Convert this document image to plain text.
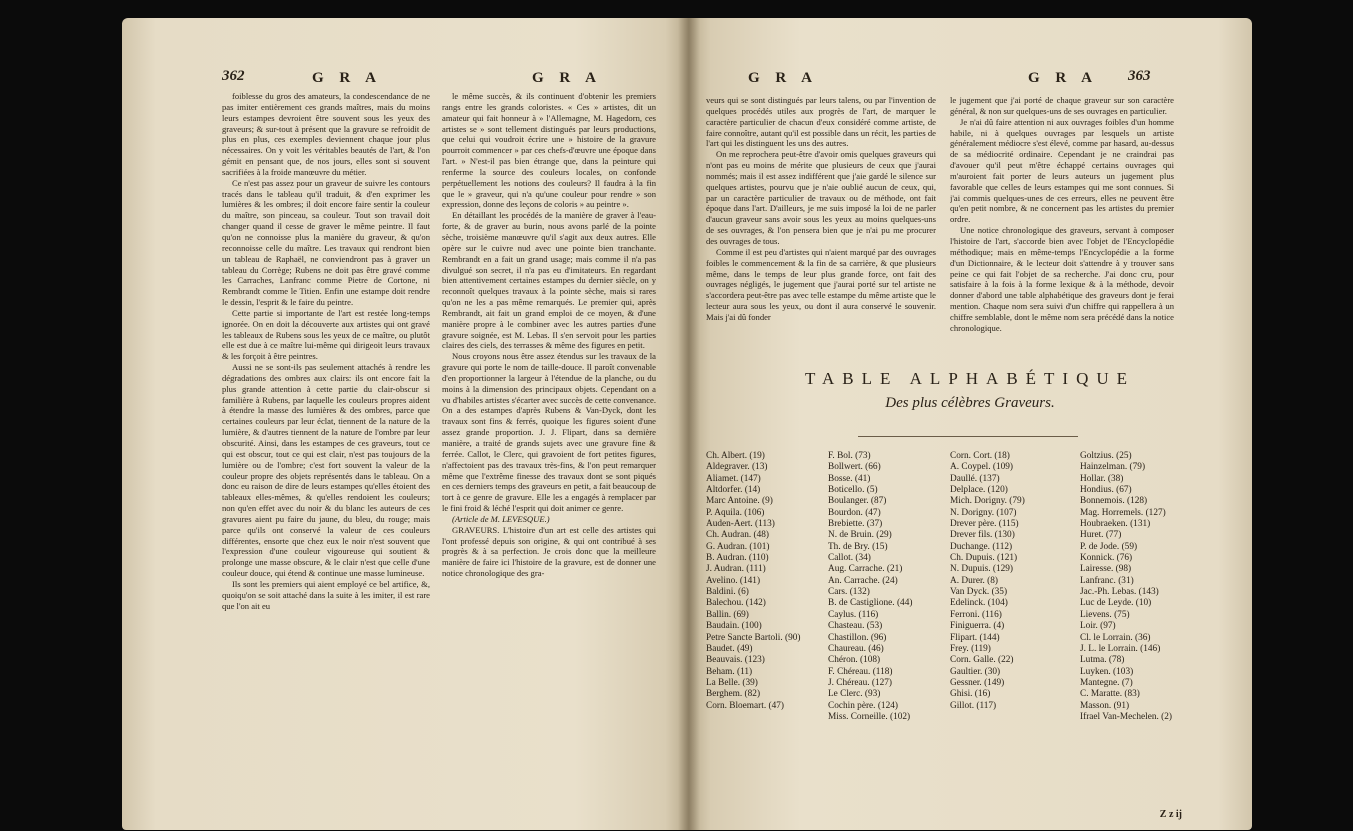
362	G R A	G R A

foiblesse du gros des amateurs, la condescendance de ne pas imiter entièrement ces grands maîtres, mais du moins leurs estampes devroient être souvent sous les yeux des graveurs; & sur-tout à présent que la gravure se refroidit de plus en plus, ces exemples deviennent chaque jour plus nécessaires. On y voit les véritables beautés de l'art, & l'on gémit en pensant que, de nos jours, elles sont si souvent sacrifiées à la froide manœuvre du métier.

Ce n'est pas assez pour un graveur de suivre les contours tracés dans le tableau qu'il traduit, & d'en exprimer les lumières & les ombres; il doit encore faire sentir la couleur du maître, son pinceau, sa couleur. Tout son travail doit changer quand il cesse de graver le même peintre. Il faut qu'on ne connoisse plus la manière du graveur, & qu'on reconnoisse celle du maître. Les travaux qui rendront bien un tableau de Raphaël, ne conviendront pas à graver un tableau du Corrège; Rubens ne doit pas être gravé comme les Carraches, Lanfranc comme Pietre de Cortone, ni Rembrandt comme le Titien. Enfin une estampe doit rendre le dessin, l'esprit & le faire du peintre.

Cette partie si importante de l'art est restée long-temps ignorée. On en doit la découverte aux artistes qui ont gravé les tableaux de Rubens sous les yeux de ce maître, ou plutôt elle est due à ce maître lui-même qui dirigeoit leurs travaux & les forçoit à être peintres.

Aussi ne se sont-ils pas seulement attachés à rendre les dégradations des ombres aux clairs: ils ont encore fait la plus grande attention à cette partie du clair-obscur si familière à Rubens, par laquelle les couleurs propres aident à étendre la masse des lumières & des ombres, parce que certaines couleurs par leur éclat, tiennent de la nature de la lumière, & d'autres tiennent de la nature de l'ombre par leur obscurité. Ainsi, dans les estampes de ces graveurs, tout ce qui est obscur, tout ce qui est clair, n'est pas toujours de la lumière ou de l'ombre; c'est fort souvent la valeur de la couleur propre des objets représentés dans le tableau. On a donc eu raison de dire de leurs estampes qu'elles étoient des tableaux elles-mêmes, & qu'elles rendoient les couleurs; non qu'en effet avec du noir & du blanc les auteurs de ces gravures aient pu faire du jaune, du bleu, du rouge; mais parce qu'ils ont conservé la valeur de ces couleurs différentes, ensorte que chez eux le noir n'est souvent que l'expression d'une couleur vigoureuse qui soutient & prolonge une masse obscure, & le clair n'est que celle d'une couleur douce, qui étend & continue une masse lumineuse.

Ils sont les premiers qui aient employé ce bel artifice, &, quoiqu'on se soit attaché dans la suite à les imiter, il est rare que l'on ait eu

le même succès, & ils continuent d'obtenir les premiers rangs entre les grands coloristes. « Ces » artistes, dit un amateur qui fait honneur à » l'Allemagne, M. Hagedorn, ces artistes se » sont tellement distingués par leurs productions, que celui qui voudroit écrire une » histoire de la gravure pourroit commencer » par ces chefs-d'œuvre une époque dans l'art. » N'est-il pas bien étrange que, dans la peinture qui renferme la source des couleurs locales, on confonde perpétuellement les notions des couleurs? Il faudra à la fin que le » graveur, qui n'a qu'une couleur pour rendre » son expression, donne des leçons de coloris » au peintre ».

En détaillant les procédés de la manière de graver à l'eau-forte, & de graver au burin, nous avons parlé de la pointe sèche, troisième manœuvre qu'il s'agit aux deux autres. Elle opère sur le cuivre nud avec une pointe bien tranchante. Rembrandt en a fait un grand usage; mais comme il n'a pas divulgué son secret, il n'a pas eu d'imitateurs. En regardant bien attentivement certaines estampes du dernier siècle, on y reconnoît quelques travaux à la pointe sèche, mais si rares qu'on ne les a pas même remarqués. Le premier qui, après Rembrandt, ait fait un grand emploi de ce moyen, & d'une manière propre à le combiner avec les autres parties d'une gravure soignée, est M. Lebas. Il s'en servoit pour les parties claires des ciels, des terrasses & même des figures en petit.

Nous croyons nous être assez étendus sur les travaux de la gravure qui porte le nom de taille-douce. Il paroît convenable d'en proportionner la largeur à l'étendue de la planche, ou du moins à la dimension des principaux objets. Cependant on a vu d'habiles artistes s'écarter avec succès de cette convenance. On a des estampes d'après Rubens & Van-Dyck, dont les travaux sont fins & ferrés, quoique les figures soient d'une assez grande proportion. J. J. Flipart, dans sa dernière manière, a traité de grands sujets avec une gravure fine & ferrée. Callot, le Clerc, qui gravoient de fort petites figures, n'affectoient pas des travaux très-fins, & l'on peut remarquer même que l'extrême finesse des travaux dont se sont piqués en ces derniers temps des graveurs en petit, a fait beaucoup de tort à ce genre de gravure. Elle les a engagés à remplacer par le fini froid & léché l'esprit qui doit animer ce genre.

(Article de M. LEVESQUE.)

GRAVEURS. L'histoire d'un art est celle des artistes qui l'ont professé depuis son origine, & qui ont contribué à ses progrès & à sa perfection. Je crois donc que la meilleure manière de faire ici l'histoire de la gravure, est de donner une notice chronologique des gra-

G R A	G R A 363

veurs qui se sont distingués par leurs talens, ou par l'invention de quelques procédés utiles aux progrès de l'art, de marquer le caractère particulier de chacun d'eux considéré comme artiste, de faire connoître, autant qu'il est possible dans un récit, les parties de l'art qui les distinguent les uns des autres.

On me reprochera peut-être d'avoir omis quelques graveurs qui n'ont pas eu moins de mérite que plusieurs de ceux que j'aurai nommés; mais il est assez indifférent que j'aie gardé le silence sur quelques artistes, pourvu que je n'aie oublié aucun de ceux, qui, par un caractère particulier de travaux ou de méthode, ont fait époque dans l'art. D'ailleurs, je me suis imposé la loi de ne parler d'aucun graveur sans avoir sous les yeux au moins quelques-uns de ses ouvrages, & l'on pensera bien que je n'ai pu me procurer des ouvrages de tous.

Comme il est peu d'artistes qui n'aient marqué par des ouvrages foibles le commencement & la fin de sa carrière, & que plusieurs même, dans le temps de leur plus grande force, ont fait des ouvrages négligés, le jugement que j'aurai porté sur tel artiste ne s'accordera peut-être pas avec telle estampe du même artiste que le lecteur aura sous les yeux, ou dont il aura conservé le souvenir. Mais j'ai dû fonder

le jugement que j'ai porté de chaque graveur sur son caractère général, & non sur quelques-uns de ses ouvrages en particulier.

Je n'ai dû faire attention ni aux ouvrages foibles d'un homme habile, ni à quelques ouvrages par lesquels un artiste généralement médiocre s'est élevé, comme par hasard, au-dessus de sa médiocrité ordinaire. Cependant je ne craindrai pas d'avouer qu'il peut m'être échappé certains ouvrages qui m'auroient fait porter de leurs auteurs un jugement plus favorable que celles de leurs estampes qui me sont connues. Si j'ai commis quelques-unes de ces erreurs, elles ne peuvent être qu'en petit nombre, & ne concernent pas les artistes du premier ordre.

Une notice chronologique des graveurs, servant à composer l'histoire de l'art, s'accorde bien avec l'objet de l'Encyclopédie méthodique; mais en même-temps l'Encyclopédie a la forme d'un Dictionnaire, & le lecteur doit s'attendre à y trouver sans peine ce qui fait l'objet de sa recherche. J'ai donc cru, pour satisfaire à la fois à la forme lexique & à la méthode, devoir donner d'abord une table alphabétique des graveurs dont je ferai mention. Chaque nom sera suivi d'un chiffre qui rappellera à un chiffre semblable, dont le même nom sera précédé dans la notice chronologique.

TABLE ALPHABÉTIQUE
Des plus célèbres Graveurs.
Ch. Albert. (19)
Aldegraver. (13)
Aliamet. (147)
Altdorfer. (14)
Marc Antoine. (9)
P. Aquila. (106)
Auden-Aert. (113)
Ch. Audran. (48)
G. Audran. (101)
B. Audran. (110)
J. Audran. (111)
Avelino. (141)
Baldini. (6)
Balechou. (142)
Ballin. (69)
Baudain. (100)
Petre Sancte Bartoli. (90)
Baudet. (49)
Beauvais. (123)
Beham. (11)
La Belle. (39)
Berghem. (82)
Corn. Bloemart. (47)
F. Bol. (73)
Bollwert. (66)
Bosse. (41)
Boticello. (5)
Boulanger. (87)
Bourdon. (47)
Brebiette. (37)
N. de Bruin. (29)
Th. de Bry. (15)
Callot. (34)
Aug. Carrache. (21)
An. Carrache. (24)
Cars. (132)
B. de Castiglione. (44)
Caylus. (116)
Chasteau. (53)
Chastillon. (96)
Chaurеau. (46)
Chéron. (108)
F. Chéreau. (118)
J. Chéreau. (127)
Le Clerc. (93)
Cochin père. (124)
Miss. Corneille. (102)
Corn. Cort. (18)
A. Coypel. (109)
Daullé. (137)
Delplace. (120)
Mich. Dorigny. (79)
N. Dorigny. (107)
Drever père. (115)
Drever fils. (130)
Duchange. (112)
Ch. Dupuis. (121)
N. Dupuis. (129)
A. Durer. (8)
Van Dyck. (35)
Edelinck. (104)
Ferroni. (116)
Finiguerra. (4)
Flipart. (144)
Frey. (119)
Corn. Galle. (22)
Gaultier. (30)
Gessner. (149)
Ghisi. (16)
Gillot. (117)
Goltzius. (25)
Hainzelman. (79)
Hollar. (38)
Hondius. (67)
Bonnemois. (128)
Mag. Horremels. (127)
Houbraeken. (131)
Huret. (77)
P. de Jode. (59)
Konnick. (76)
Lairesse. (98)
Lanfranc. (31)
Jac.-Ph. Lebas. (143)
Luc de Leyde. (10)
Lievens. (75)
Loir. (97)
Cl. le Lorrain. (36)
J. L. le Lorrain. (146)
Lutma. (78)
Luyken. (103)
Mantegne. (7)
C. Maratte. (83)
Masson. (91)
Ifrael Van-Mechelen. (2)
Z z ij
